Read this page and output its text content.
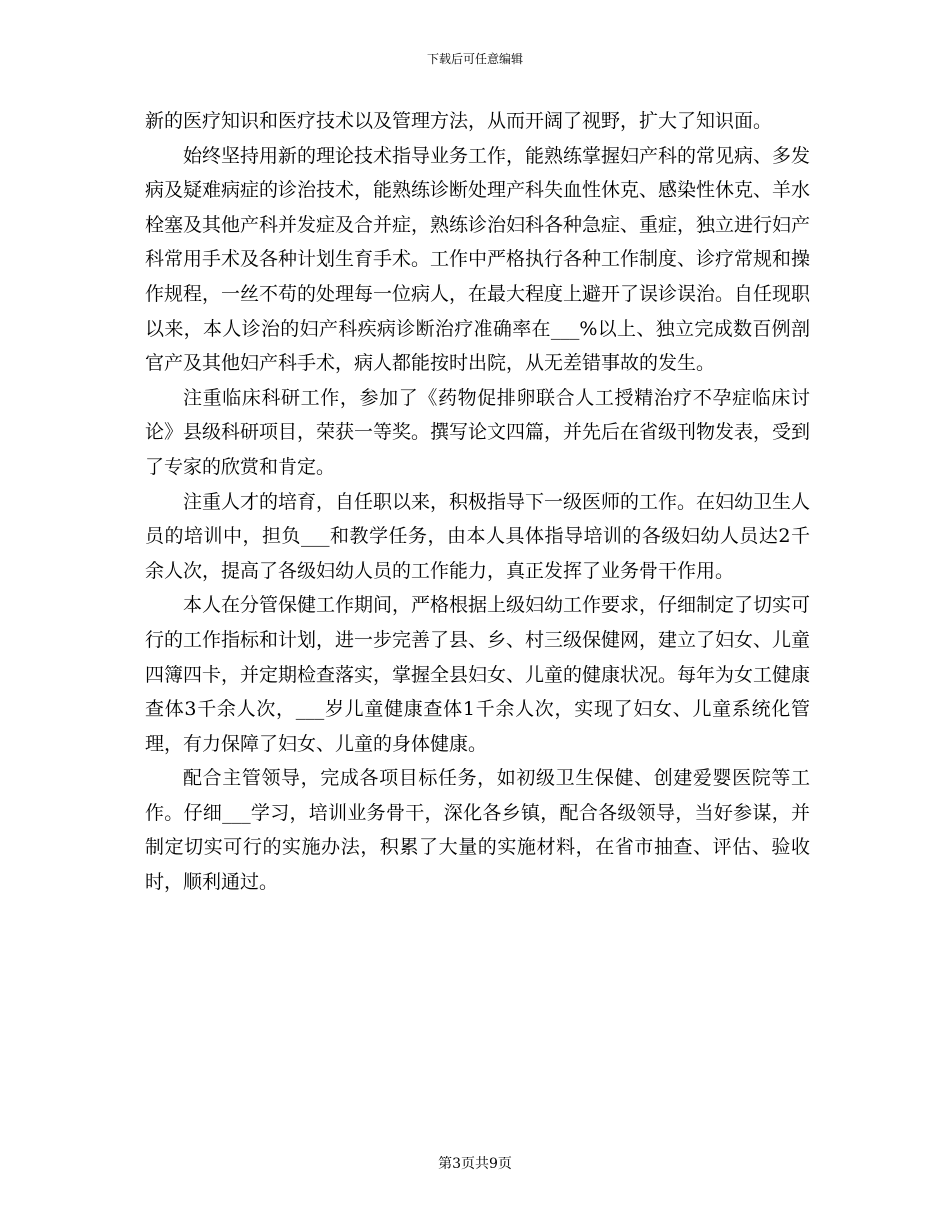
下载后可任意编辑

新的医疗知识和医疗技术以及管理方法，从而开阔了视野，扩大了知识面。

始终坚持用新的理论技术指导业务工作，能熟练掌握妇产科的常见病、多发病及疑难病症的诊治技术，能熟练诊断处理产科失血性休克、感染性休克、羊水栓塞及其他产科并发症及合并症，熟练诊治妇科各种急症、重症，独立进行妇产科常用手术及各种计划生育手术。工作中严格执行各种工作制度、诊疗常规和操作规程，一丝不苟的处理每一位病人，在最大程度上避开了误诊误治。自任现职以来，本人诊治的妇产科疾病诊断治疗准确率在___%以上、独立完成数百例剖官产及其他妇产科手术，病人都能按时出院，从无差错事故的发生。

注重临床科研工作，参加了《药物促排卵联合人工授精治疗不孕症临床讨论》县级科研项目，荣获一等奖。撰写论文四篇，并先后在省级刊物发表，受到了专家的欣赏和肯定。

注重人才的培育，自任职以来，积极指导下一级医师的工作。在妇幼卫生人员的培训中，担负___和教学任务，由本人具体指导培训的各级妇幼人员达2千余人次，提高了各级妇幼人员的工作能力，真正发挥了业务骨干作用。

本人在分管保健工作期间，严格根据上级妇幼工作要求，仔细制定了切实可行的工作指标和计划，进一步完善了县、乡、村三级保健网，建立了妇女、儿童四簿四卡，并定期检查落实，掌握全县妇女、儿童的健康状况。每年为女工健康查体3千余人次，___岁儿童健康查体1千余人次，实现了妇女、儿童系统化管理，有力保障了妇女、儿童的身体健康。

配合主管领导，完成各项目标任务，如初级卫生保健、创建爱婴医院等工作。仔细___学习，培训业务骨干，深化各乡镇，配合各级领导，当好参谋，并制定切实可行的实施办法，积累了大量的实施材料，在省市抽查、评估、验收时，顺利通过。

第3页共9页
